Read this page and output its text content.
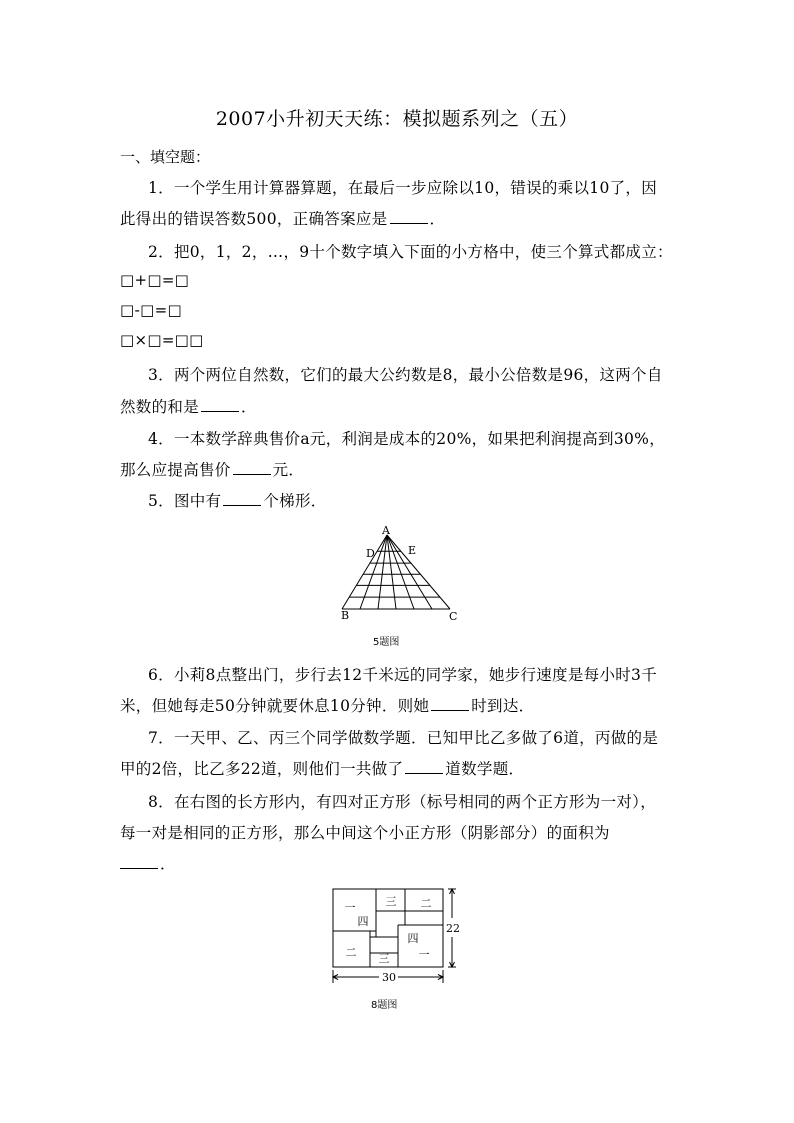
2007小升初天天练：模拟题系列之（五）
一、填空题：
1．一个学生用计算器算题，在最后一步应除以10，错误的乘以10了，因
此得出的错误答数500，正确答案应是	．
2．把0，1，2，…，9十个数字填入下面的小方格中，使三个算式都成立：
□+□=□
□-□=□
□×□=□□
3．两个两位自然数，它们的最大公约数是8，最小公倍数是96，这两个自
然数的和是	．
4．一本数学辞典售价a元，利润是成本的20%，如果把利润提高到30%，
那么应提高售价	元．
5．图中有	个梯形．
A
D	E
B	C
5题图
6．小莉8点整出门，步行去12千米远的同学家，她步行速度是每小时3千
米，但她每走50分钟就要休息10分钟．则她	时到达．
7．一天甲、乙、丙三个同学做数学题．已知甲比乙多做了6道，丙做的是
甲的2倍，比乙多22道，则他们一共做了	道数学题．
8．在右图的长方形内，有四对正方形（标号相同的两个正方形为一对），
每一对是相同的正方形，那么中间这个小正方形（阴影部分）的面积为
．
一	三 二
四
四
二 三	一
22
30
8题图
